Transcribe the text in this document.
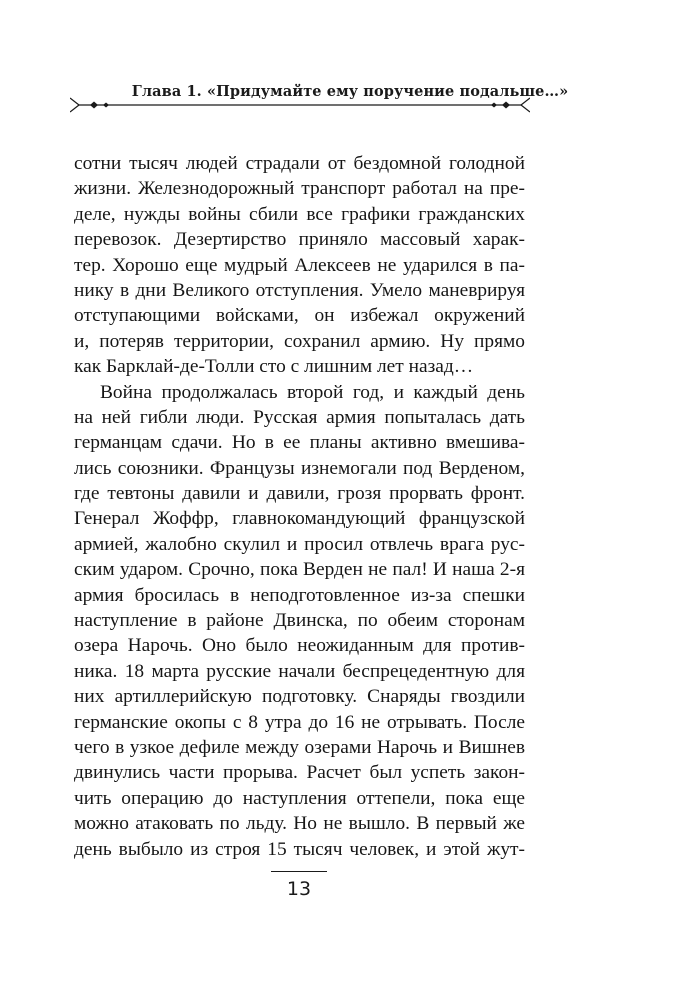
Глава 1. «Придумайте ему поручение подальше…»
сотни тысяч людей страдали от бездомной голодной
жизни. Железнодорожный транспорт работал на пре-
деле, нужды войны сбили все графики гражданских
перевозок. Дезертирство приняло массовый харак-
тер. Хорошо еще мудрый Алексеев не ударился в па-
нику в дни Великого отступления. Умело маневрируя
отступающими войсками, он избежал окружений
и, потеряв территории, сохранил армию. Ну прямо
как Барклай-де-Толли сто с лишним лет назад…
Война продолжалась второй год, и каждый день
на ней гибли люди. Русская армия попыталась дать
германцам сдачи. Но в ее планы активно вмешива-
лись союзники. Французы изнемогали под Верденом,
где тевтоны давили и давили, грозя прорвать фронт.
Генерал Жоффр, главнокомандующий французской
армией, жалобно скулил и просил отвлечь врага рус-
ским ударом. Срочно, пока Верден не пал! И наша 2-я
армия бросилась в неподготовленное из-за спешки
наступление в районе Двинска, по обеим сторонам
озера Нарочь. Оно было неожиданным для против-
ника. 18 марта русские начали беспрецедентную для
них артиллерийскую подготовку. Снаряды гвоздили
германские окопы с 8 утра до 16 не отрывать. После
чего в узкое дефиле между озерами Нарочь и Вишнев
двинулись части прорыва. Расчет был успеть закон-
чить операцию до наступления оттепели, пока еще
можно атаковать по льду. Но не вышло. В первый же
день выбыло из строя 15 тысяч человек, и этой жут-
13
